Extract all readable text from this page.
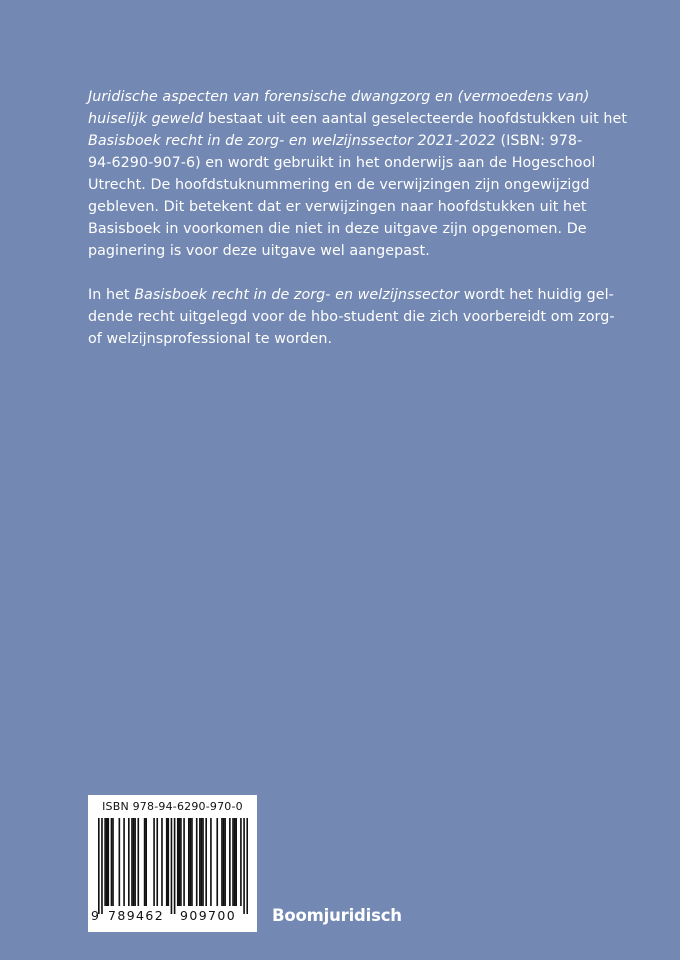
Juridische aspecten van forensische dwangzorg en (vermoedens van)
huiselijk geweld bestaat uit een aantal geselecteerde hoofdstukken uit het
Basisboek recht in de zorg- en welzijnssector 2021-2022 (ISBN: 978-
94-6290-907-6) en wordt gebruikt in het onderwijs aan de Hogeschool
Utrecht. De hoofdstuknummering en de verwijzingen zijn ongewijzigd
gebleven. Dit betekent dat er verwijzingen naar hoofdstukken uit het
Basisboek in voorkomen die niet in deze uitgave zijn opgenomen. De
paginering is voor deze uitgave wel aangepast.

In het Basisboek recht in de zorg- en welzijnssector wordt het huidig gel-
dende recht uitgelegd voor de hbo-student die zich voorbereidt om zorg-
of welzijnsprofessional te worden.

ISBN 978-94-6290-970-0
9 789462 909700 Boomjuridisch
